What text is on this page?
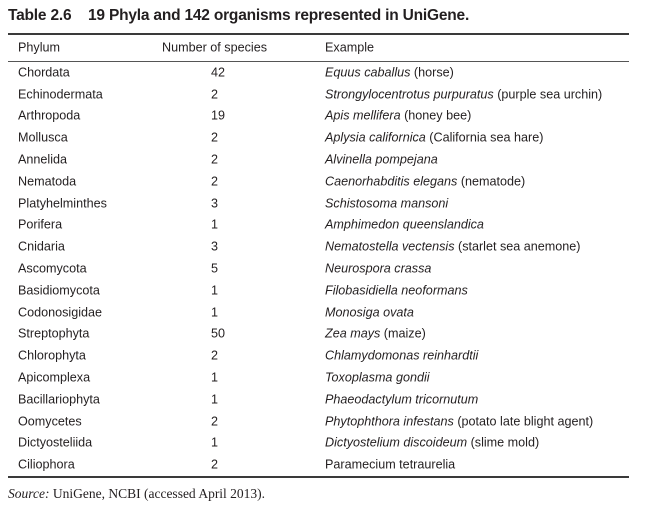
Table 2.6 19 Phyla and 142 organisms represented in UniGene.
Phylum	Number of species	Example
Chordata	42	Equus caballus (horse)
Echinodermata	2	Strongylocentrotus purpuratus (purple sea urchin)
Arthropoda	19	Apis mellifera (honey bee)
Mollusca	2	Aplysia californica (California sea hare)
Annelida	2	Alvinella pompejana
Nematoda	2	Caenorhabditis elegans (nematode)
Platyhelminthes	3	Schistosoma mansoni
Porifera	1	Amphimedon queenslandica
Cnidaria	3	Nematostella vectensis (starlet sea anemone)
Ascomycota	5	Neurospora crassa
Basidiomycota	1	Filobasidiella neoformans
Codonosigidae	1	Monosiga ovata
Streptophyta	50	Zea mays (maize)
Chlorophyta	2	Chlamydomonas reinhardtii
Apicomplexa	1	Toxoplasma gondii
Bacillariophyta	1	Phaeodactylum tricornutum
Oomycetes	2	Phytophthora infestans (potato late blight agent)
Dictyosteliida	1	Dictyostelium discoideum (slime mold)
Ciliophora	2	Paramecium tetraurelia
Source: UniGene, NCBI (accessed April 2013).
